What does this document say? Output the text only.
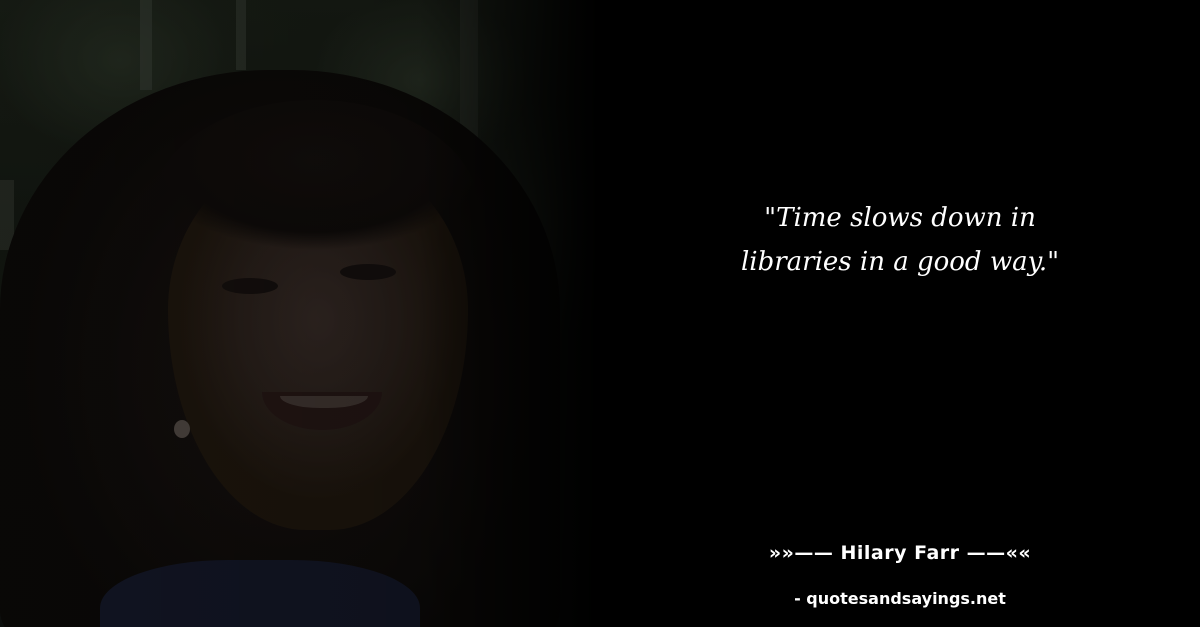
"Time slows down in libraries in a good way."

»»—— Hilary Farr ——««
- quotesandsayings.net
